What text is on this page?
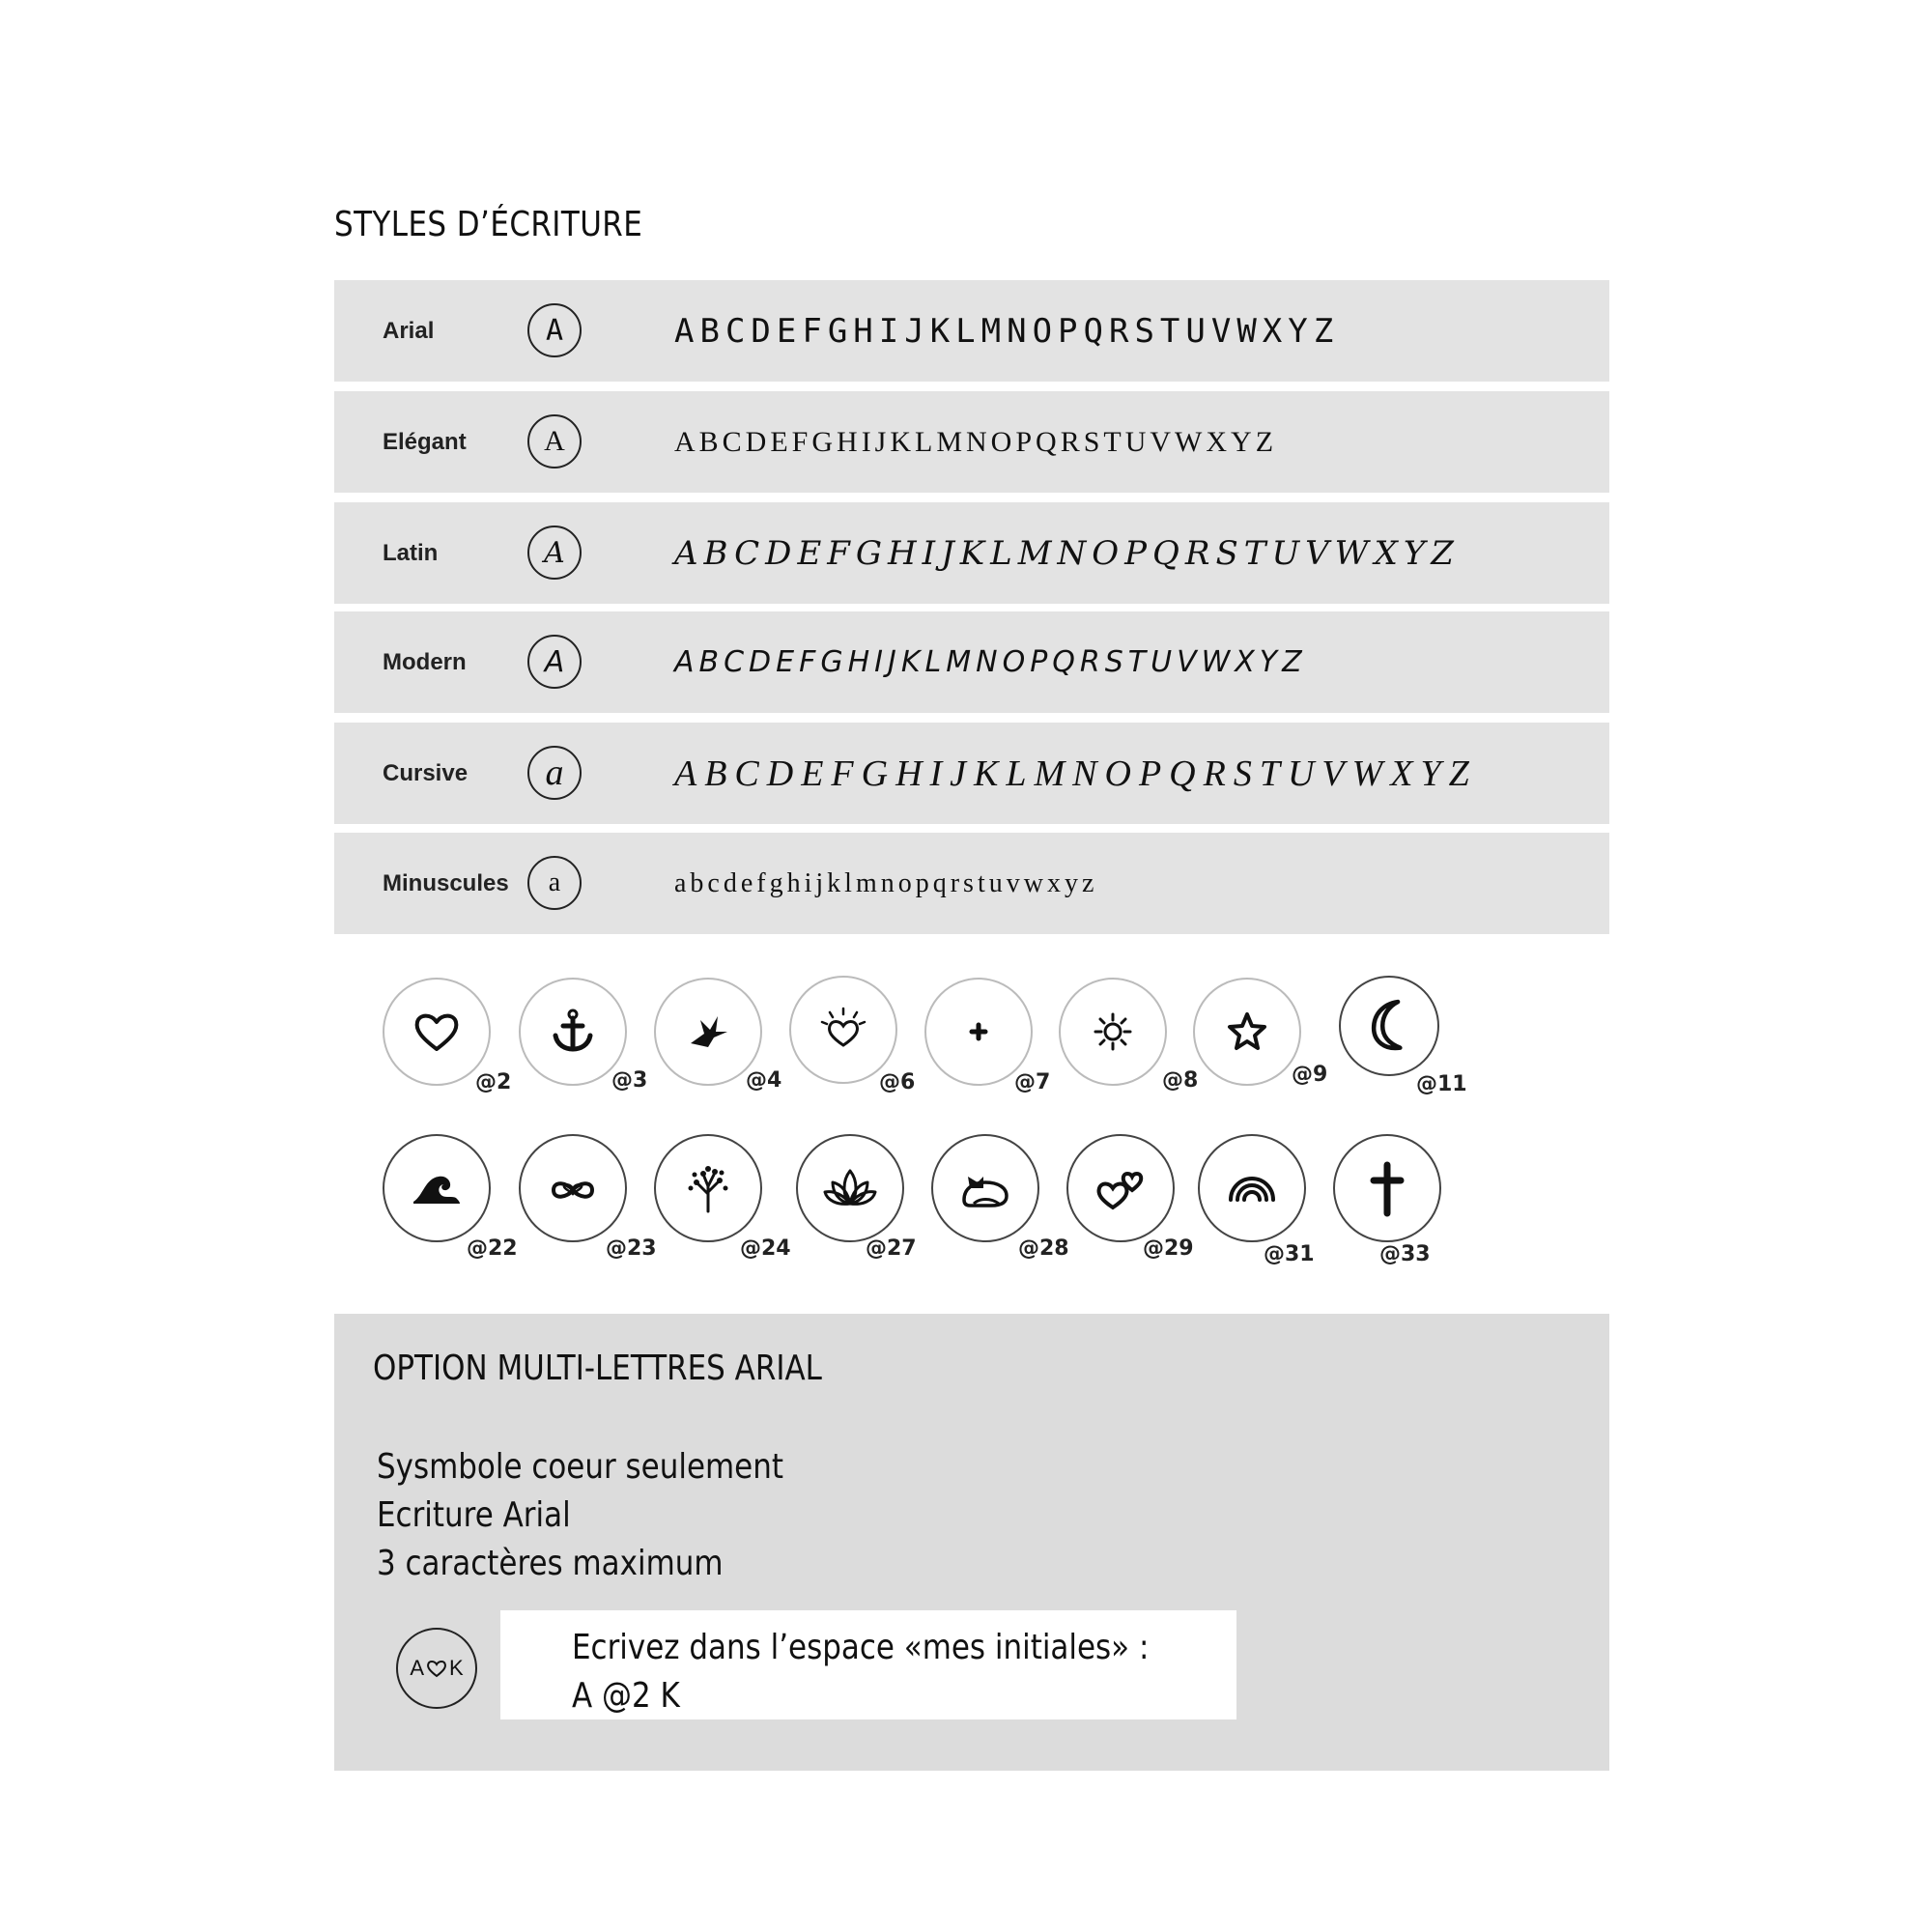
STYLES D’ÉCRITURE
Arial	A	ABCDEFGHIJKLMNOPQRSTUVWXYZ
Elégant	A	ABCDEFGHIJKLMNOPQRSTUVWXYZ
Latin	A	ABCDEFGHIJKLMNOPQRSTUVWXYZ
Modern	A	ABCDEFGHIJKLMNOPQRSTUVWXYZ
Cursive	a	ABCDEFGHIJKLMNOPQRSTUVWXYZ
Minuscules	a	abcdefghijklmnopqrstuvwxyz
@2	@3	@4	@6	@7	@8	@9	@11
@22	@23	@24	@27	@28	@29	@31	@33
OPTION MULTI-LETTRES ARIAL
Sysmbole coeur seulement
Ecriture Arial
3 caractères maximum
A K
Ecrivez dans l’espace «mes initiales» :
A @2 K
